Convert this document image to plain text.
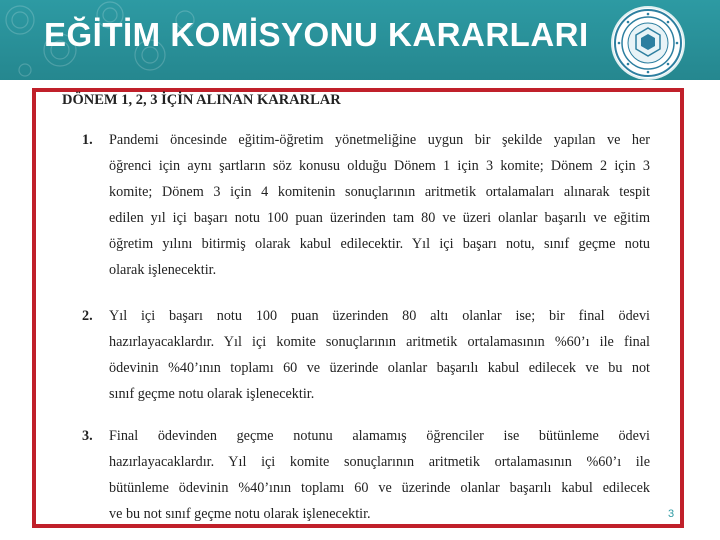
EĞİTİM KOMİSYONU KARARLARI
DÖNEM 1, 2, 3 İÇİN ALINAN KARARLAR
1. Pandemi öncesinde eğitim-öğretim yönetmeliğine uygun bir şekilde yapılan ve her
öğrenci için aynı şartların söz konusu olduğu Dönem 1 için 3 komite; Dönem 2 için 3
komite; Dönem 3 için 4 komitenin sonuçlarının aritmetik ortalamaları alınarak tespit
edilen yıl içi başarı notu 100 puan üzerinden tam 80 ve üzeri olanlar başarılı ve eğitim
öğretim yılını bitirmiş olarak kabul edilecektir. Yıl içi başarı notu, sınıf geçme notu
olarak işlenecektir.
2. Yıl içi başarı notu 100 puan üzerinden 80 altı olanlar ise; bir final ödevi
hazırlayacaklardır. Yıl içi komite sonuçlarının aritmetik ortalamasının %60’ı ile final
ödevinin %40’ının toplamı 60 ve üzerinde olanlar başarılı kabul edilecek ve bu not
sınıf geçme notu olarak işlenecektir.
3. Final ödevinden geçme notunu alamamış öğrenciler ise bütünleme ödevi
hazırlayacaklardır. Yıl içi komite sonuçlarının aritmetik ortalamasının %60’ı ile
bütünleme ödevinin %40’ının toplamı 60 ve üzerinde olanlar başarılı kabul edilecek
ve bu not sınıf geçme notu olarak işlenecektir.	3
